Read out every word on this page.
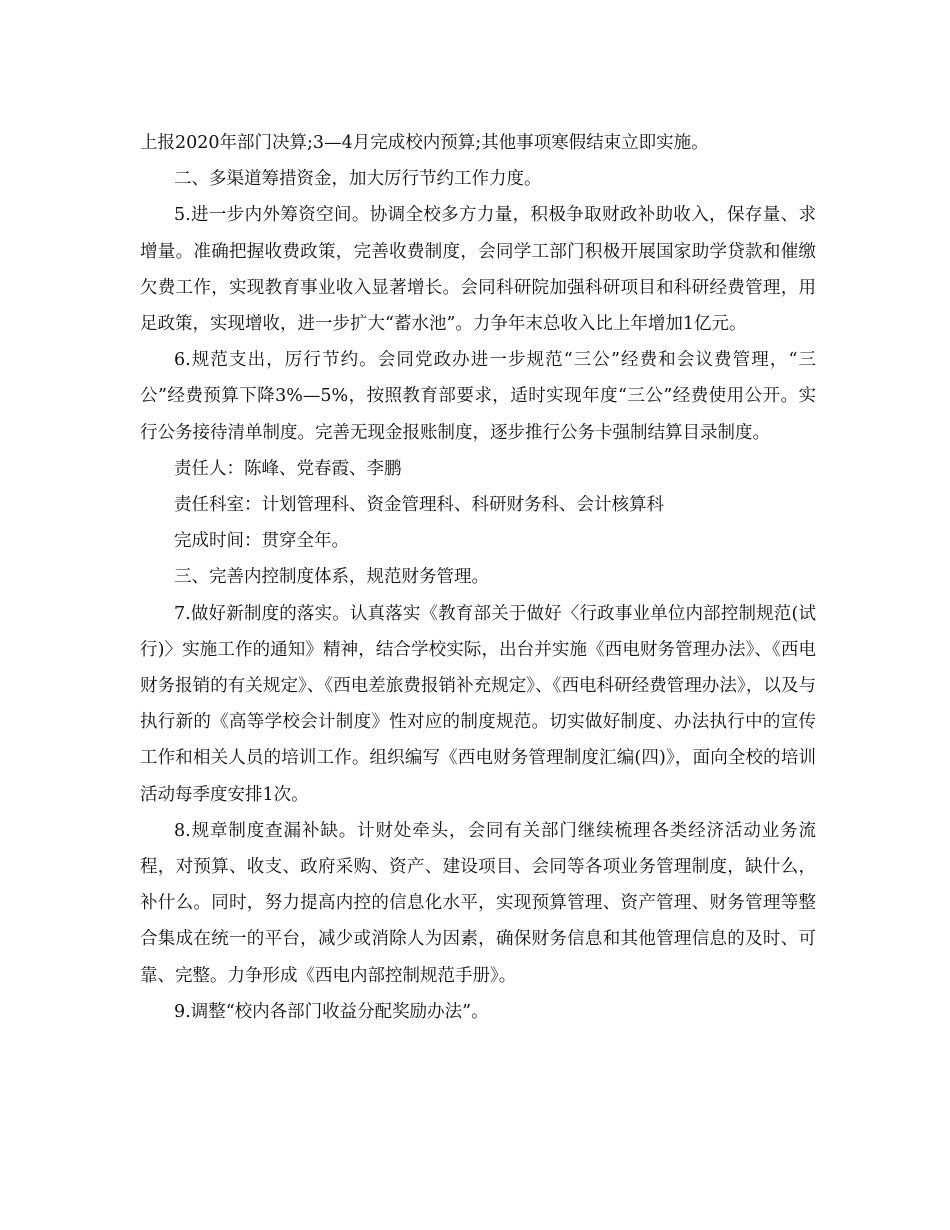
上报2020年部门决算;3—4月完成校内预算;其他事项寒假结束立即实施。

二、多渠道筹措资金，加大厉行节约工作力度。

5.进一步内外筹资空间。协调全校多方力量，积极争取财政补助收入，保存量、求增量。准确把握收费政策，完善收费制度，会同学工部门积极开展国家助学贷款和催缴欠费工作，实现教育事业收入显著增长。会同科研院加强科研项目和科研经费管理，用足政策，实现增收，进一步扩大“蓄水池”。力争年末总收入比上年增加1亿元。

6.规范支出，厉行节约。会同党政办进一步规范“三公”经费和会议费管理，“三公”经费预算下降3%—5%，按照教育部要求，适时实现年度“三公”经费使用公开。实行公务接待清单制度。完善无现金报账制度，逐步推行公务卡强制结算目录制度。

责任人：陈峰、党春霞、李鹏

责任科室：计划管理科、资金管理科、科研财务科、会计核算科

完成时间：贯穿全年。

三、完善内控制度体系，规范财务管理。

7.做好新制度的落实。认真落实《教育部关于做好〈行政事业单位内部控制规范(试行)〉实施工作的通知》精神，结合学校实际，出台并实施《西电财务管理办法》、《西电财务报销的有关规定》、《西电差旅费报销补充规定》、《西电科研经费管理办法》，以及与执行新的《高等学校会计制度》性对应的制度规范。切实做好制度、办法执行中的宣传工作和相关人员的培训工作。组织编写《西电财务管理制度汇编(四)》，面向全校的培训活动每季度安排1次。

8.规章制度查漏补缺。计财处牵头，会同有关部门继续梳理各类经济活动业务流程，对预算、收支、政府采购、资产、建设项目、会同等各项业务管理制度，缺什么，补什么。同时，努力提高内控的信息化水平，实现预算管理、资产管理、财务管理等整合集成在统一的平台，减少或消除人为因素，确保财务信息和其他管理信息的及时、可靠、完整。力争形成《西电内部控制规范手册》。

9.调整“校内各部门收益分配奖励办法”。
